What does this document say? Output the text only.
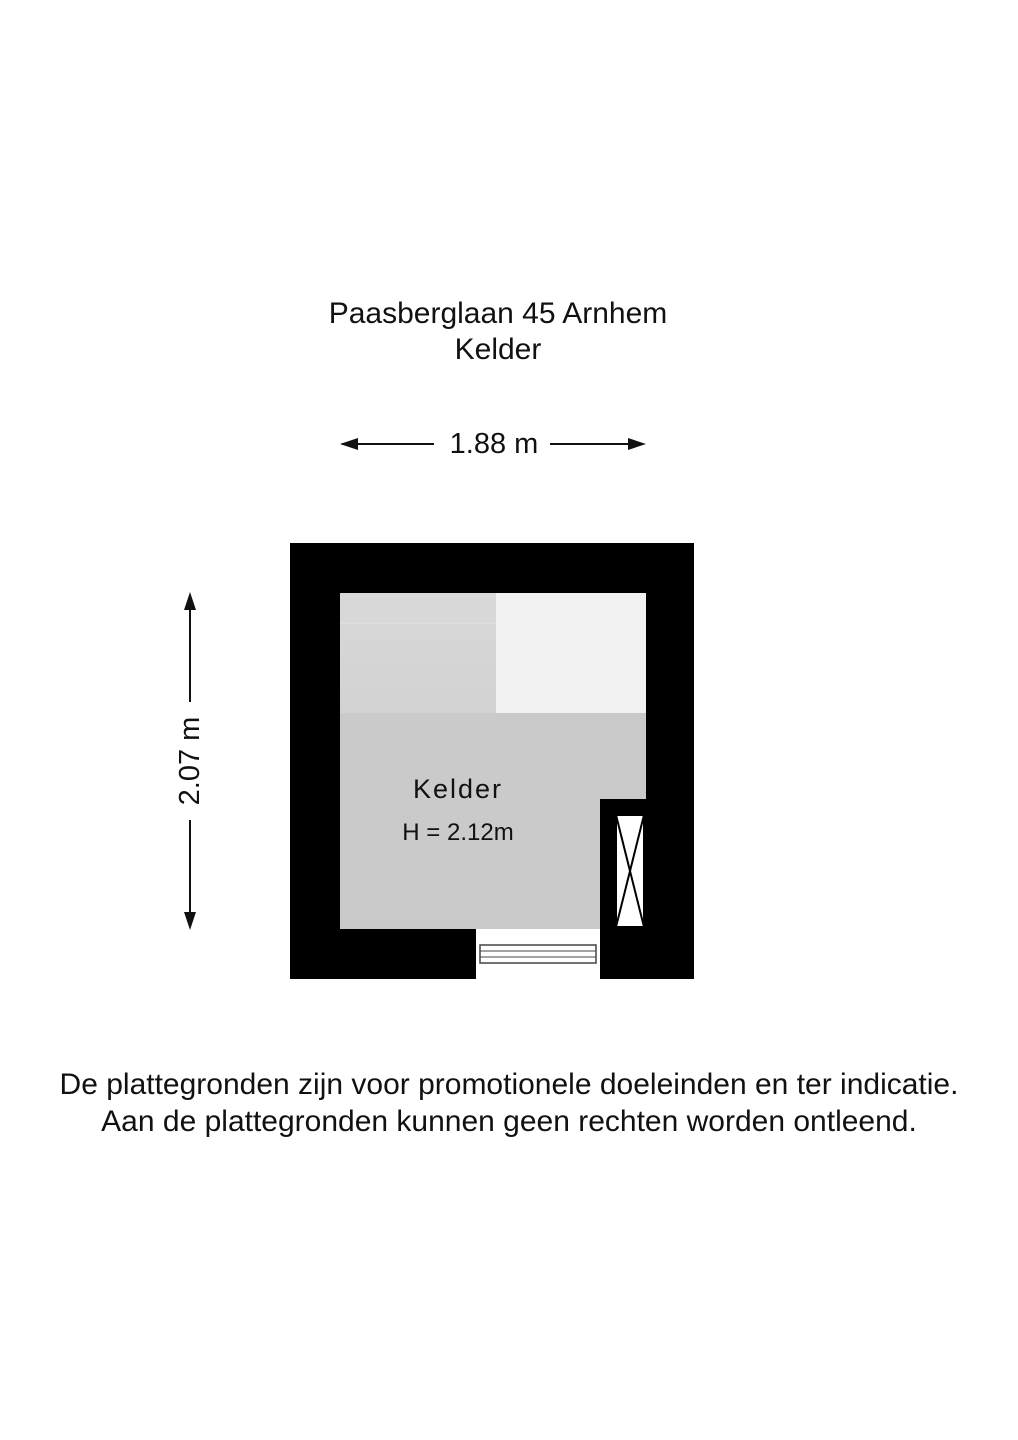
Paasberglaan 45 Arnhem
Kelder
1.88 m
2.07 m	Kelder
H = 2.12m
De plattegronden zijn voor promotionele doeleinden en ter indicatie.
Aan de plattegronden kunnen geen rechten worden ontleend.
